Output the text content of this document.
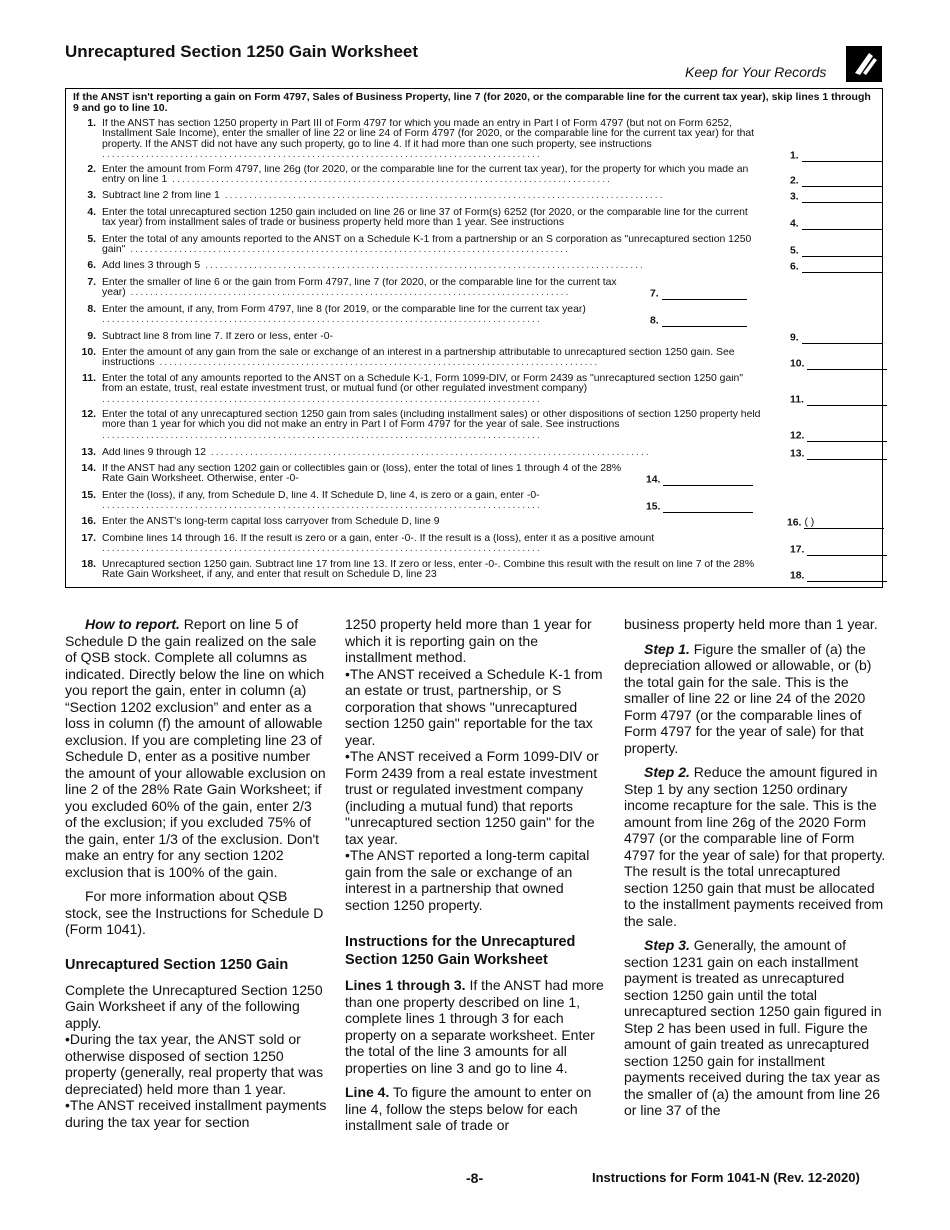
Unrecaptured Section 1250 Gain Worksheet
Keep for Your Records
If the ANST isn't reporting a gain on Form 4797, Sales of Business Property, line 7 (for 2020, or the comparable line for the current tax year), skip lines 1 through 9 and go to line 10.
1. If the ANST has section 1250 property in Part III of Form 4797 for which you made an entry in Part I of Form 4797 (but not on Form 6252, Installment Sale Income), enter the smaller of line 22 or line 24 of Form 4797 (for 2020, or the comparable line for the current tax year) for that property. If the ANST did not have any such property, go to line 4. If it had more than one such property, see instructions ..........................................................................................	1.
2. Enter the amount from Form 4797, line 26g (for 2020, or the comparable line for the current tax year), for the property for which you made an entry on line 1 ..........................................................................................	2.
3. Subtract line 2 from line 1 ..........................................................................................	3.
4. Enter the total unrecaptured section 1250 gain included on line 26 or line 37 of Form(s) 6252 (for 2020, or the comparable line for the current tax year) from installment sales of trade or business property held more than 1 year. See instructions	4.
5. Enter the total of any amounts reported to the ANST on a Schedule K-1 from a partnership or an S corporation as "unrecaptured section 1250 gain" ..........................................................................................	5.
6. Add lines 3 through 5 ..........................................................................................	6.
7. Enter the smaller of line 6 or the gain from Form 4797, line 7 (for 2020, or the comparable line for the current tax year) ..........................................................................................	7.
8. Enter the amount, if any, from Form 4797, line 8 (for 2019, or the comparable line for the current tax year) ..........................................................................................	8.
9. Subtract line 8 from line 7. If zero or less, enter -0-	9.
10. Enter the amount of any gain from the sale or exchange of an interest in a partnership attributable to unrecaptured section 1250 gain. See instructions ..........................................................................................	10.
11. Enter the total of any amounts reported to the ANST on a Schedule K-1, Form 1099-DIV, or Form 2439 as "unrecaptured section 1250 gain" from an estate, trust, real estate investment trust, or mutual fund (or other regulated investment company) ..........................................................................................	11.
12. Enter the total of any unrecaptured section 1250 gain from sales (including installment sales) or other dispositions of section 1250 property held more than 1 year for which you did not make an entry in Part I of Form 4797 for the year of sale. See instructions ..........................................................................................	12.
13. Add lines 9 through 12 ..........................................................................................	13.
14. If the ANST had any section 1202 gain or collectibles gain or (loss), enter the total of lines 1 through 4 of the 28% Rate Gain Worksheet. Otherwise, enter -0-	14.
15. Enter the (loss), if any, from Schedule D, line 4. If Schedule D, line 4, is zero or a gain, enter -0- ..........................................................................................	15.
16. Enter the ANST's long-term capital loss carryover from Schedule D, line 9	16. ( )
17. Combine lines 14 through 16. If the result is zero or a gain, enter -0-. If the result is a (loss), enter it as a positive amount ..........................................................................................	17.
18. Unrecaptured section 1250 gain. Subtract line 17 from line 13. If zero or less, enter -0-. Combine this result with the result on line 7 of the 28% Rate Gain Worksheet, if any, and enter that result on Schedule D, line 23	18.

How to report. Report on line 5 of Schedule D the gain realized on the sale of QSB stock. Complete all columns as indicated. Directly below the line on which you report the gain, enter in column (a) “Section 1202 exclusion” and enter as a loss in column (f) the amount of allowable exclusion. If you are completing line 23 of Schedule D, enter as a positive number the amount of your allowable exclusion on line 2 of the 28% Rate Gain Worksheet; if you excluded 60% of the gain, enter 2/3 of the exclusion; if you excluded 75% of the gain, enter 1/3 of the exclusion. Don't make an entry for any section 1202 exclusion that is 100% of the gain.

For more information about QSB stock, see the Instructions for Schedule D (Form 1041).

Unrecaptured Section 1250 Gain

Complete the Unrecaptured Section 1250 Gain Worksheet if any of the following apply.

• During the tax year, the ANST sold or otherwise disposed of section 1250 property (generally, real property that was depreciated) held more than 1 year.
• The ANST received installment payments during the tax year for section
1250 property held more than 1 year for which it is reporting gain on the installment method.
• The ANST received a Schedule K-1 from an estate or trust, partnership, or S corporation that shows "unrecaptured section 1250 gain" reportable for the tax year.
• The ANST received a Form 1099-DIV or Form 2439 from a real estate investment trust or regulated investment company (including a mutual fund) that reports "unrecaptured section 1250 gain" for the tax year.
• The ANST reported a long-term capital gain from the sale or exchange of an interest in a partnership that owned section 1250 property.
Instructions for the Unrecaptured Section 1250 Gain Worksheet

Lines 1 through 3. If the ANST had more than one property described on line 1, complete lines 1 through 3 for each property on a separate worksheet. Enter the total of the line 3 amounts for all properties on line 3 and go to line 4.

Line 4. To figure the amount to enter on line 4, follow the steps below for each installment sale of trade or

business property held more than 1 year.

Step 1. Figure the smaller of (a) the depreciation allowed or allowable, or (b) the total gain for the sale. This is the smaller of line 22 or line 24 of the 2020 Form 4797 (or the comparable lines of Form 4797 for the year of sale) for that property.

Step 2. Reduce the amount figured in Step 1 by any section 1250 ordinary income recapture for the sale. This is the amount from line 26g of the 2020 Form 4797 (or the comparable line of Form 4797 for the year of sale) for that property. The result is the total unrecaptured section 1250 gain that must be allocated to the installment payments received from the sale.

Step 3. Generally, the amount of section 1231 gain on each installment payment is treated as unrecaptured section 1250 gain until the total unrecaptured section 1250 gain figured in Step 2 has been used in full. Figure the amount of gain treated as unrecaptured section 1250 gain for installment payments received during the tax year as the smaller of (a) the amount from line 26 or line 37 of the

-8-	Instructions for Form 1041-N (Rev. 12-2020)
